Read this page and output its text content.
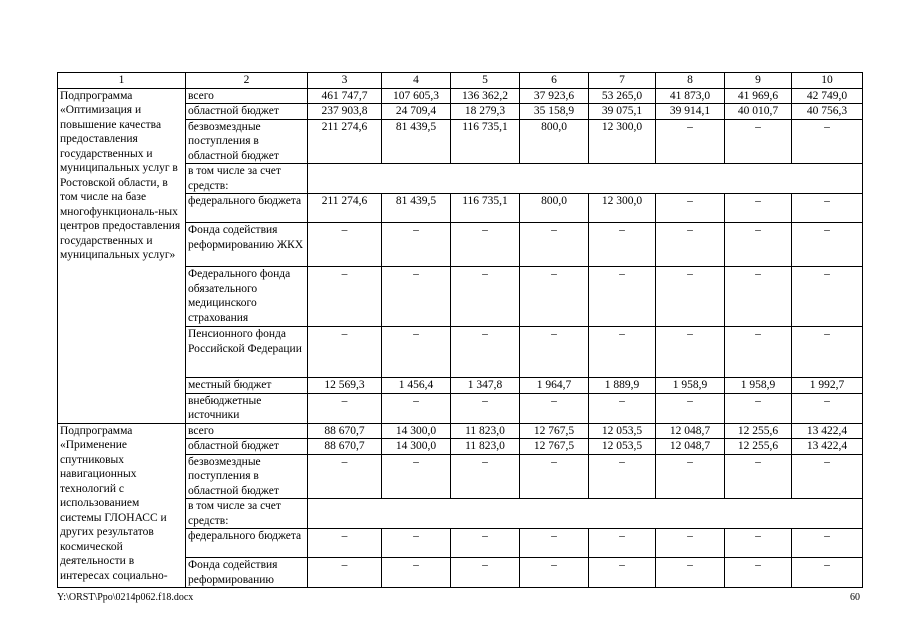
1	2	3	4	5	6	7	8	9	10
Подпрограмма «Оптимизация и повышение качества предоставления государственных и муниципальных услуг в Ростовской области, в том числе на базе многофункциональ-ных центров предоставления государственных и муниципальных услуг»	всего	461 747,7	107 605,3	136 362,2	37 923,6	53 265,0	41 873,0	41 969,6	42 749,0
	областной бюджет	237 903,8	24 709,4	18 279,3	35 158,9	39 075,1	39 914,1	40 010,7	40 756,3
	безвозмездные поступления в областной бюджет	211 274,6	81 439,5	116 735,1	800,0	12 300,0	–	–	–
	в том числе за счет средств:								
	федерального бюджета	211 274,6	81 439,5	116 735,1	800,0	12 300,0	–	–	–
	Фонда содействия реформированию ЖКХ	–	–	–	–	–	–	–	–
	Федерального фонда обязательного медицинского страхования	–	–	–	–	–	–	–	–
	Пенсионного фонда Российской Федерации	–	–	–	–	–	–	–	–
	местный бюджет	12 569,3	1 456,4	1 347,8	1 964,7	1 889,9	1 958,9	1 958,9	1 992,7
	внебюджетные источники	–	–	–	–	–	–	–	–
Подпрограмма «Применение спутниковых навигационных технологий с использованием системы ГЛОНАСС и других результатов космической деятельности в интересах социально-	всего	88 670,7	14 300,0	11 823,0	12 767,5	12 053,5	12 048,7	12 255,6	13 422,4
	областной бюджет	88 670,7	14 300,0	11 823,0	12 767,5	12 053,5	12 048,7	12 255,6	13 422,4
	безвозмездные поступления в областной бюджет	–	–	–	–	–	–	–	–
	в том числе за счет средств:								
	федерального бюджета	–	–	–	–	–	–	–	–
	Фонда содействия реформированию	–	–	–	–	–	–	–	–
Y:\ORST\Ppo\0214p062.f18.docx	60
